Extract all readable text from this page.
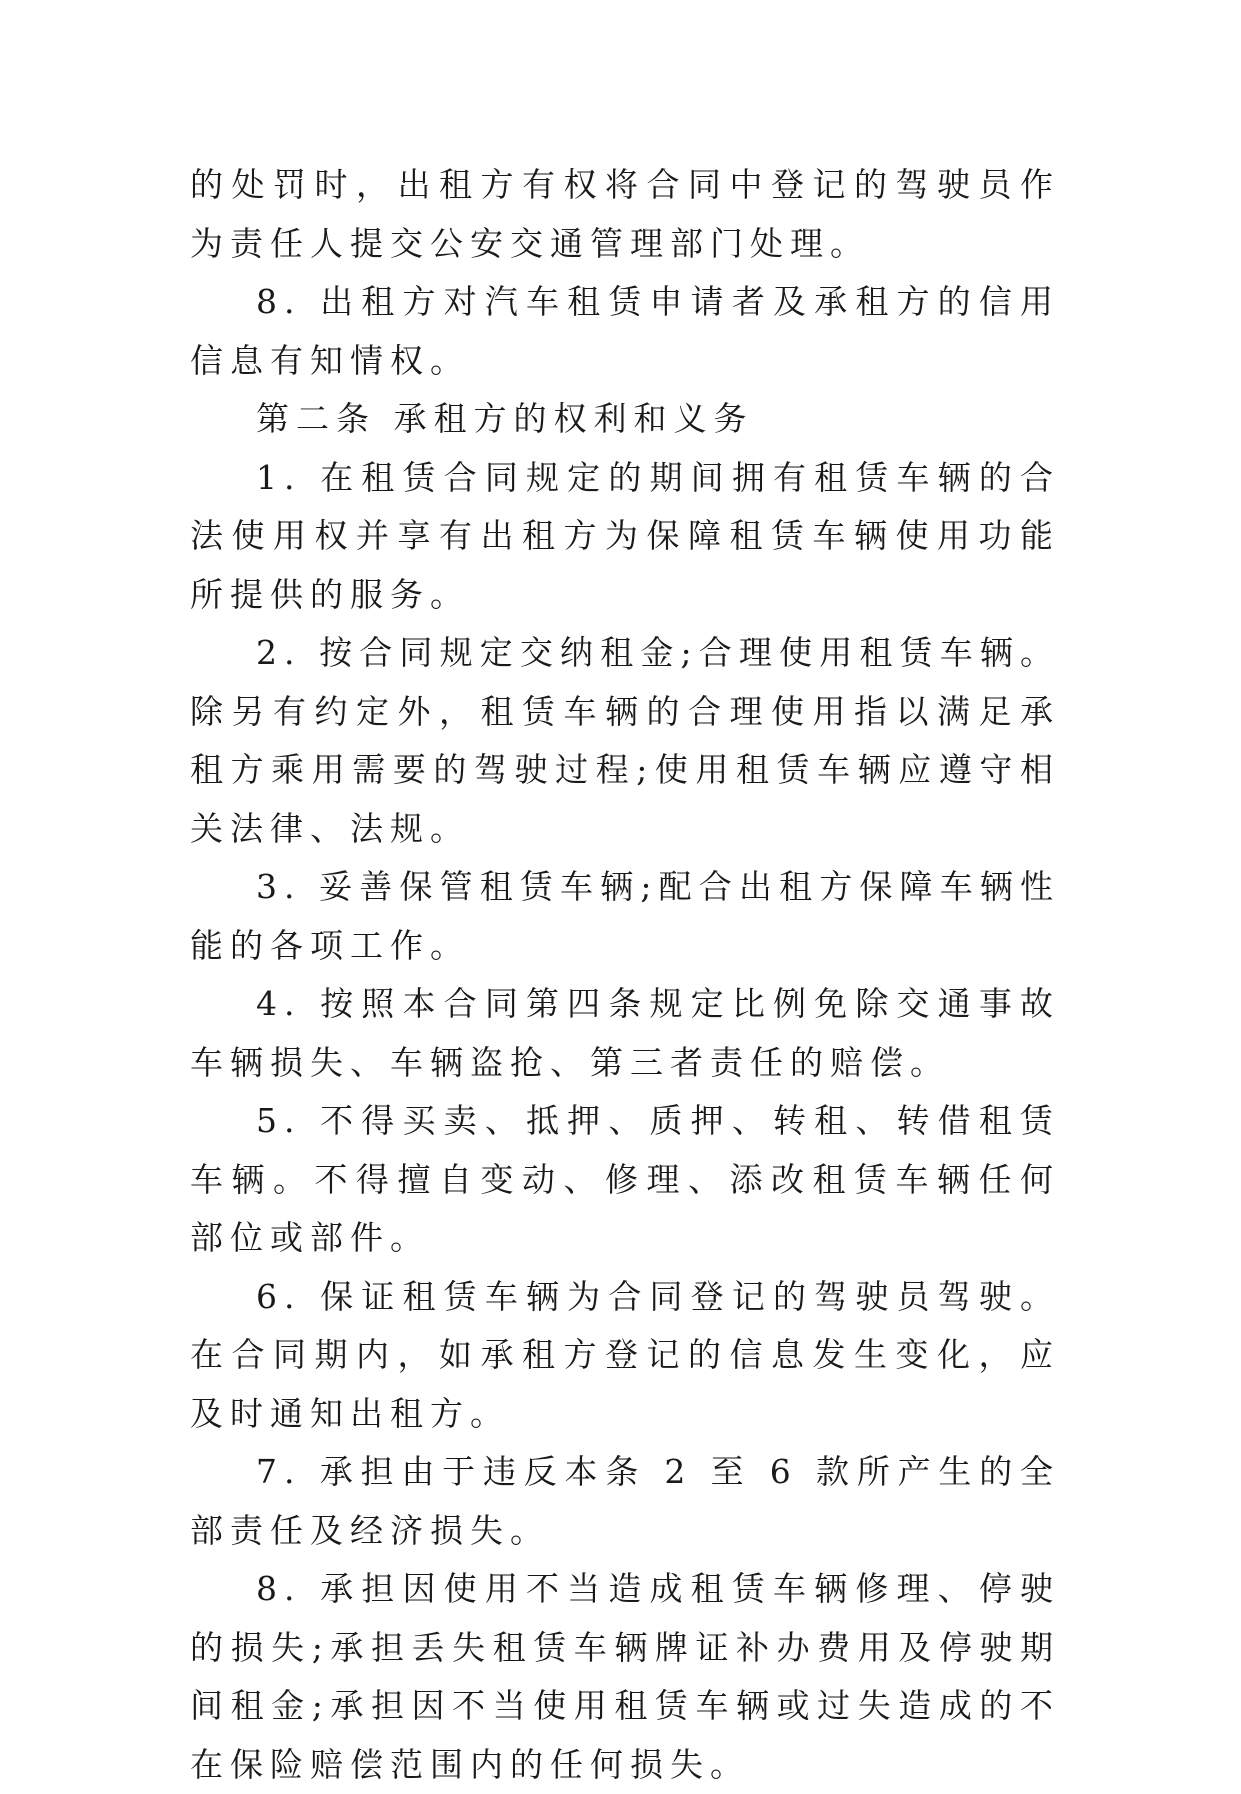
的处罚时，出租方有权将合同中登记的驾驶员作为责任人提交公安交通管理部门处理。

8. 出租方对汽车租赁申请者及承租方的信用信息有知情权。

第二条 承租方的权利和义务

1. 在租赁合同规定的期间拥有租赁车辆的合法使用权并享有出租方为保障租赁车辆使用功能所提供的服务。

2. 按合同规定交纳租金;合理使用租赁车辆。除另有约定外，租赁车辆的合理使用指以满足承租方乘用需要的驾驶过程;使用租赁车辆应遵守相关法律、法规。

3. 妥善保管租赁车辆;配合出租方保障车辆性能的各项工作。

4. 按照本合同第四条规定比例免除交通事故车辆损失、车辆盗抢、第三者责任的赔偿。

5. 不得买卖、抵押、质押、转租、转借租赁车辆。不得擅自变动、修理、添改租赁车辆任何部位或部件。

6. 保证租赁车辆为合同登记的驾驶员驾驶。在合同期内，如承租方登记的信息发生变化，应及时通知出租方。

7. 承担由于违反本条 2 至 6 款所产生的全部责任及经济损失。

8. 承担因使用不当造成租赁车辆修理、停驶的损失;承担丢失租赁车辆牌证补办费用及停驶期间租金;承担因不当使用租赁车辆或过失造成的不在保险赔偿范围内的任何损失。
